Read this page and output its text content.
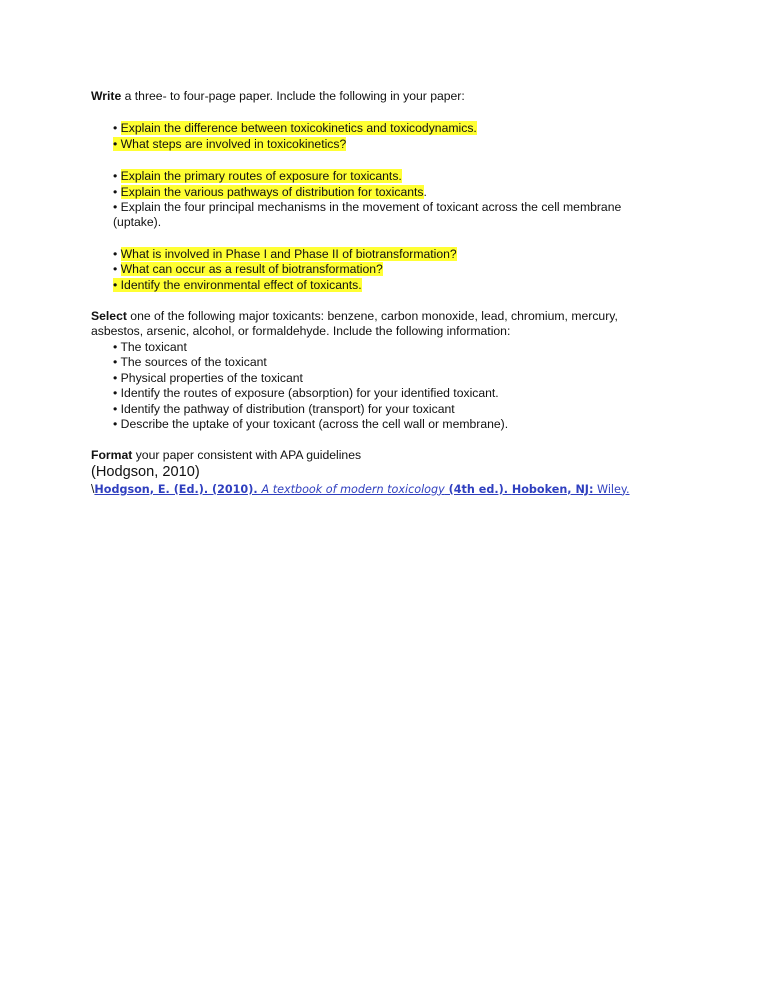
Write a three- to four-page paper. Include the following in your paper:

• Explain the difference between toxicokinetics and toxicodynamics.
• What steps are involved in toxicokinetics?
• Explain the primary routes of exposure for toxicants.
• Explain the various pathways of distribution for toxicants.
• Explain the four principal mechanisms in the movement of toxicant across the cell membrane

(uptake).

• What is involved in Phase I and Phase II of biotransformation?
• What can occur as a result of biotransformation?
• Identify the environmental effect of toxicants.

Select one of the following major toxicants: benzene, carbon monoxide, lead, chromium, mercury, asbestos, arsenic, alcohol, or formaldehyde. Include the following information:

• The toxicant
• The sources of the toxicant
• Physical properties of the toxicant
• Identify the routes of exposure (absorption) for your identified toxicant.
• Identify the pathway of distribution (transport) for your toxicant
• Describe the uptake of your toxicant (across the cell wall or membrane).

Format your paper consistent with APA guidelines

(Hodgson, 2010)

\Hodgson, E. (Ed.). (2010). A textbook of modern toxicology (4th ed.). Hoboken, NJ: Wiley.
